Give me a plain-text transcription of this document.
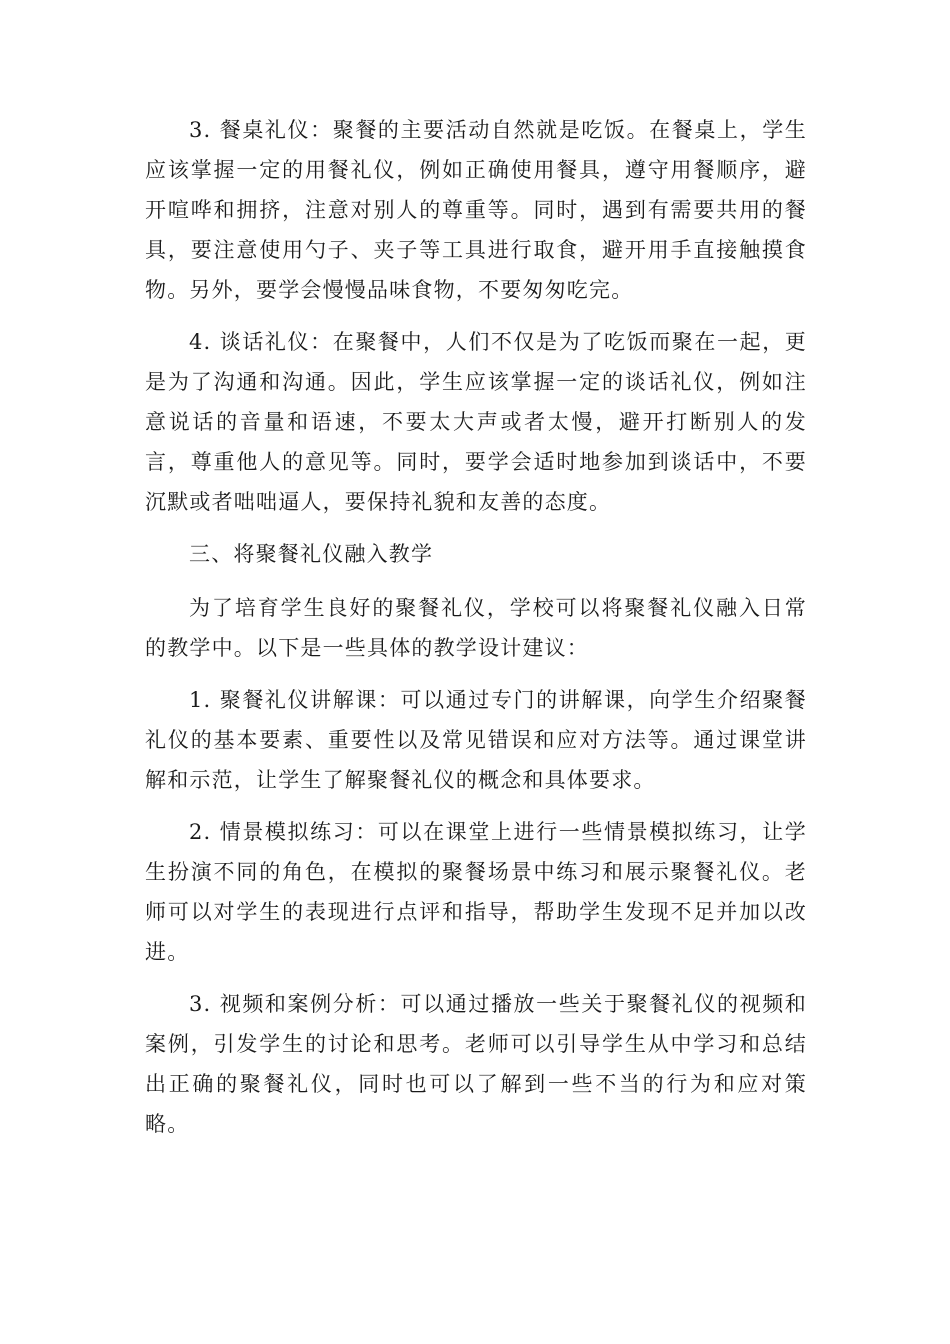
3. 餐桌礼仪：聚餐的主要活动自然就是吃饭。在餐桌上，学生应该掌握一定的用餐礼仪，例如正确使用餐具，遵守用餐顺序，避开喧哗和拥挤，注意对别人的尊重等。同时，遇到有需要共用的餐具，要注意使用勺子、夹子等工具进行取食，避开用手直接触摸食物。另外，要学会慢慢品味食物，不要匆匆吃完。

4. 谈话礼仪：在聚餐中，人们不仅是为了吃饭而聚在一起，更是为了沟通和沟通。因此，学生应该掌握一定的谈话礼仪，例如注意说话的音量和语速，不要太大声或者太慢，避开打断别人的发言，尊重他人的意见等。同时，要学会适时地参加到谈话中，不要沉默或者咄咄逼人，要保持礼貌和友善的态度。

三、将聚餐礼仪融入教学

为了培育学生良好的聚餐礼仪，学校可以将聚餐礼仪融入日常的教学中。以下是一些具体的教学设计建议：

1. 聚餐礼仪讲解课：可以通过专门的讲解课，向学生介绍聚餐礼仪的基本要素、重要性以及常见错误和应对方法等。通过课堂讲解和示范，让学生了解聚餐礼仪的概念和具体要求。

2. 情景模拟练习：可以在课堂上进行一些情景模拟练习，让学生扮演不同的角色，在模拟的聚餐场景中练习和展示聚餐礼仪。老师可以对学生的表现进行点评和指导，帮助学生发现不足并加以改进。

3. 视频和案例分析：可以通过播放一些关于聚餐礼仪的视频和案例，引发学生的讨论和思考。老师可以引导学生从中学习和总结出正确的聚餐礼仪，同时也可以了解到一些不当的行为和应对策略。
